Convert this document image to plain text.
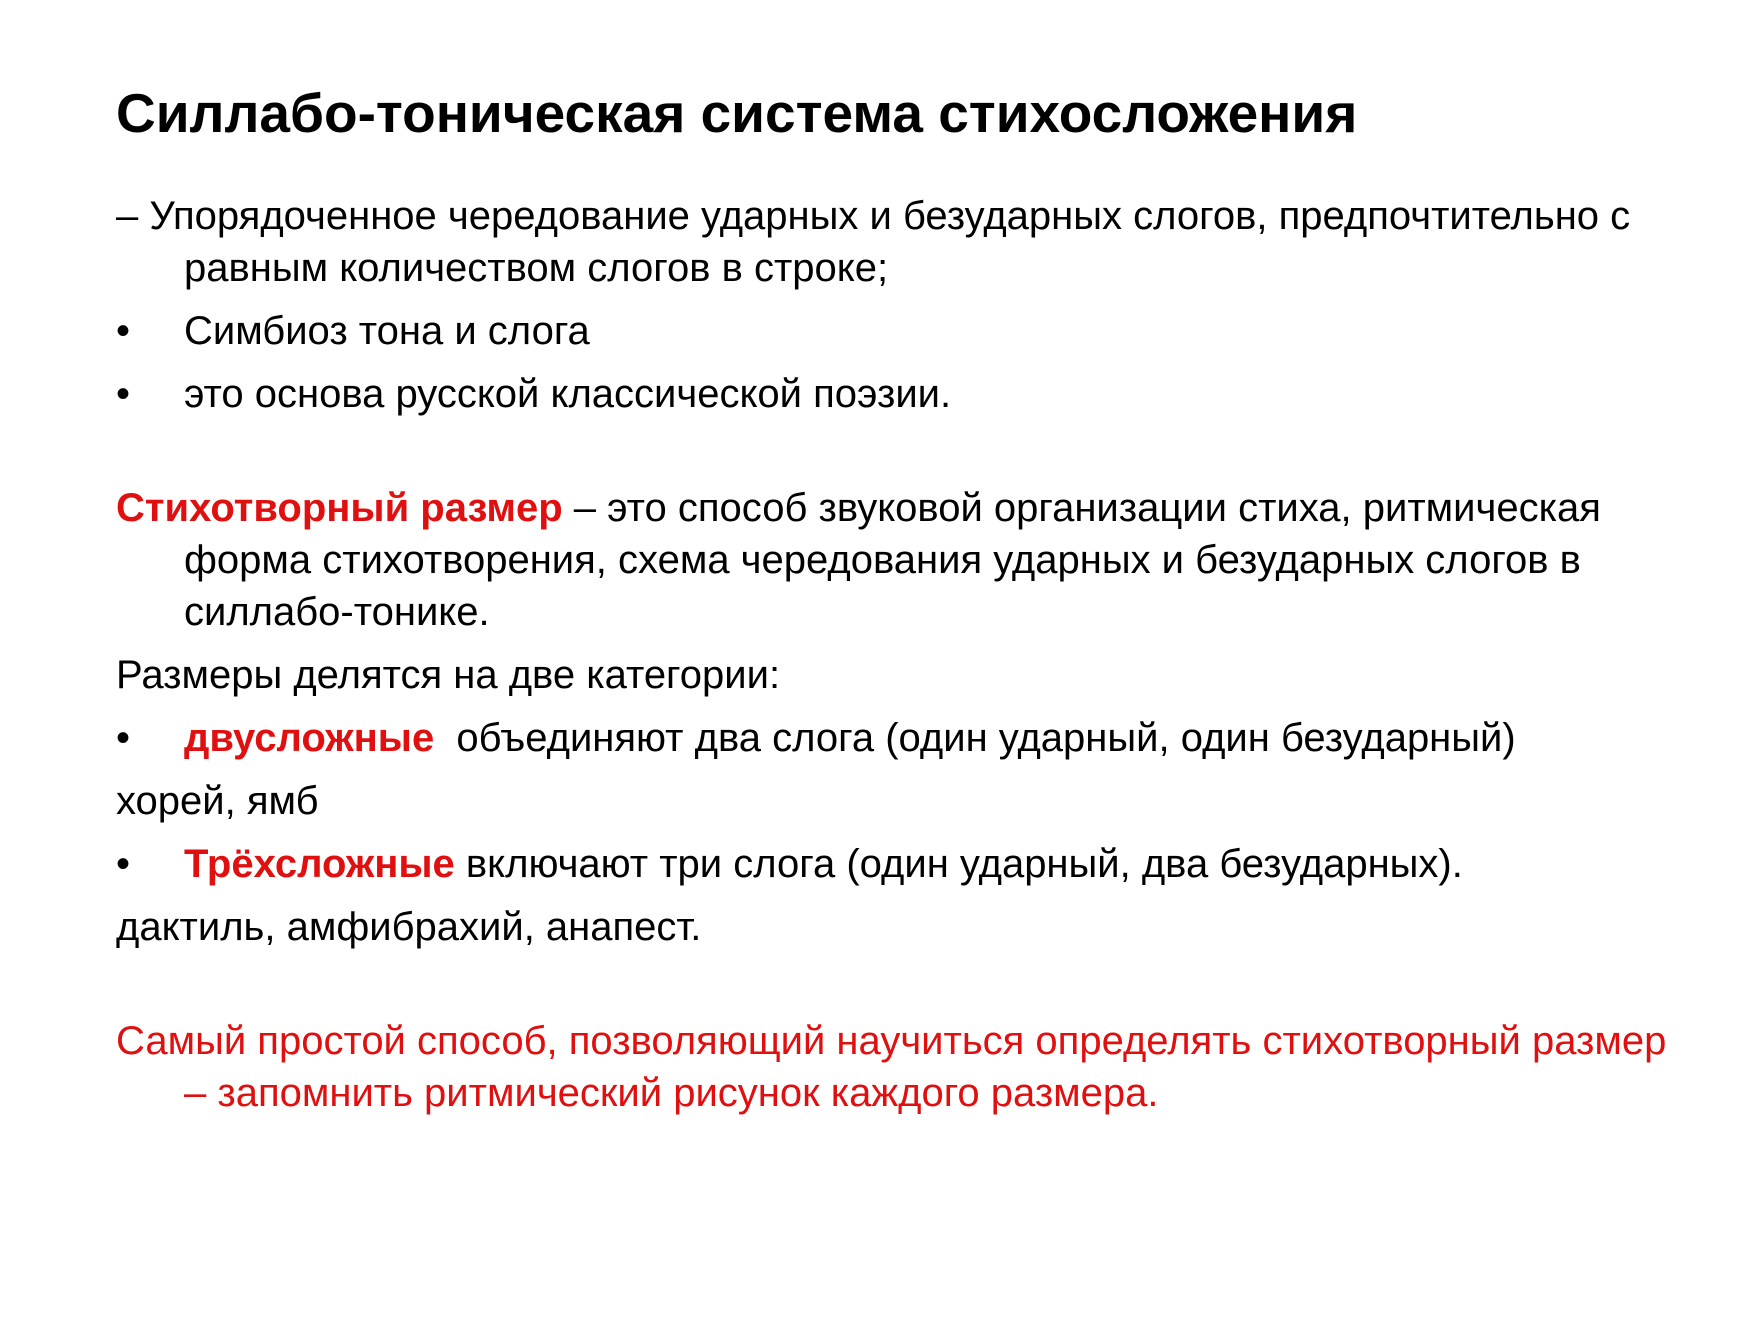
Силлабо-тоническая система стихосложения

– Упорядоченное чередование ударных и безударных слогов, предпочтительно с равным количеством слогов в строке;

•	Симбиоз тона и слога

•	это основа русской классической поэзии.

Стихотворный размер – это способ звуковой организации стиха, ритмическая форма стихотворения, схема чередования ударных и безударных слогов в силлабо-тонике.

Размеры делятся на две категории:

•	двусложные  объединяют два слога (один ударный, один безударный)

хорей, ямб

•	Трёхсложные включают три слога (один ударный, два безударных).

дактиль, амфибрахий, анапест.

Самый простой способ, позволяющий научиться определять стихотворный размер – запомнить ритмический рисунок каждого размера.
